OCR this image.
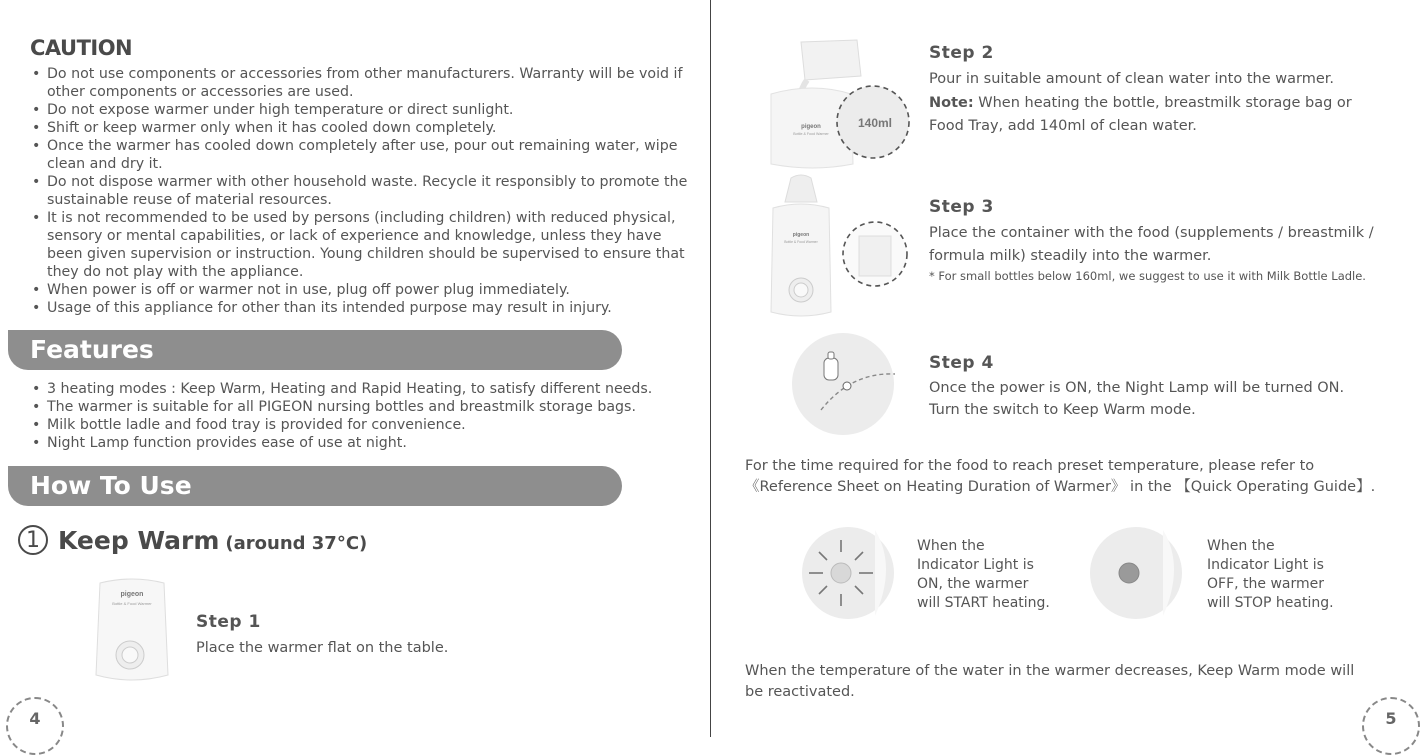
CAUTION
• Do not use components or accessories from other manufacturers. Warranty will be void if other components or accessories are used.
• Do not expose warmer under high temperature or direct sunlight.
• Shift or keep warmer only when it has cooled down completely.
• Once the warmer has cooled down completely after use, pour out remaining water, wipe clean and dry it.
• Do not dispose warmer with other household waste. Recycle it responsibly to promote the sustainable reuse of material resources.
• It is not recommended to be used by persons (including children) with reduced physical, sensory or mental capabilities, or lack of experience and knowledge, unless they have been given supervision or instruction. Young children should be supervised to ensure that they do not play with the appliance.
• When power is off or warmer not in use, plug off power plug immediately.
• Usage of this appliance for other than its intended purpose may result in injury.
Features
• 3 heating modes : Keep Warm, Heating and Rapid Heating, to satisfy different needs.
• The warmer is suitable for all PIGEON nursing bottles and breastmilk storage bags.
• Milk bottle ladle and food tray is provided for convenience.
• Night Lamp function provides ease of use at night.
How To Use
1 Keep Warm (around 37°C)
pigeon
Bottle & Food Warmer
Step 1

Place the warmer flat on the table.

4
pigeon
Bottle & Food Warmer
140ml
Step 2

Pour in suitable amount of clean water into the warmer.

Note: When heating the bottle, breastmilk storage bag or Food Tray, add 140ml of clean water.

pigeon
Bottle & Food Warmer
Step 3

Place the container with the food (supplements / breastmilk / formula milk) steadily into the warmer.

* For small bottles below 160ml, we suggest to use it with Milk Bottle Ladle.

Step 4

Once the power is ON, the Night Lamp will be turned ON.

Turn the switch to Keep Warm mode.

For the time required for the food to reach preset temperature, please refer to

《Reference Sheet on Heating Duration of Warmer》 in the 【Quick Operating Guide】.

When the
Indicator Light is
ON, the warmer
will START heating.
When the
Indicator Light is
OFF, the warmer
will STOP heating.

When the temperature of the water in the warmer decreases, Keep Warm mode will

be reactivated.

5
